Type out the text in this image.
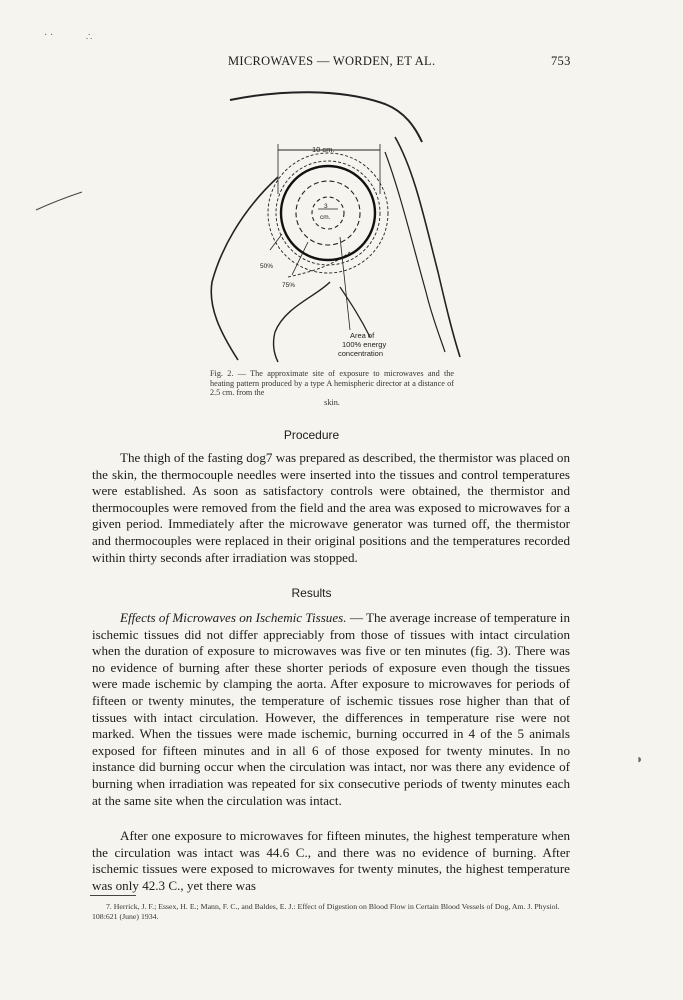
MICROWAVES — WORDEN, ET AL.	753
· ·	∴
10 cm.
3
cm.
50%
75%
Area of
100% energy
concentration
Fig. 2. — The approximate site of exposure to microwaves and the heating pattern produced by a type A hemispheric director at a distance of 2.5 cm. from the
skin.
Procedure
The thigh of the fasting dog7 was prepared as described, the thermistor was placed on the skin, the thermocouple needles were inserted into the tissues and control temperatures were established. As soon as satisfactory controls were obtained, the thermistor and thermocouples were removed from the field and the area was exposed to microwaves for a given period. Immediately after the microwave generator was turned off, the thermistor and thermocouples were replaced in their original positions and the temperatures recorded within thirty seconds after irradiation was stopped.
Results
Effects of Microwaves on Ischemic Tissues. — The average increase of temperature in ischemic tissues did not differ appreciably from those of tissues with intact circulation when the duration of exposure to microwaves was five or ten minutes (fig. 3). There was no evidence of burning after these shorter periods of exposure even though the tissues were made ischemic by clamping the aorta. After exposure to microwaves for periods of fifteen or twenty minutes, the temperature of ischemic tissues rose higher than that of tissues with intact circulation. However, the differences in temperature rise were not marked. When the tissues were made ischemic, burning occurred in 4 of the 5 animals exposed for fifteen minutes and in all 6 of those exposed for twenty minutes. In no instance did burning occur when the circulation was intact, nor was there any evidence of burning when irradiation was repeated for six consecutive periods of twenty minutes each at the same site when the circulation was intact.
After one exposure to microwaves for fifteen minutes, the highest temperature when the circulation was intact was 44.6 C., and there was no evidence of burning. After ischemic tissues were exposed to microwaves for twenty minutes, the highest temperature was only 42.3 C., yet there was
7. Herrick, J. F.; Essex, H. E.; Mann, F. C., and Baldes, E. J.: Effect of Digestion on Blood Flow in Certain Blood Vessels of Dog, Am. J. Physiol. 108:621 (June) 1934.
◗
